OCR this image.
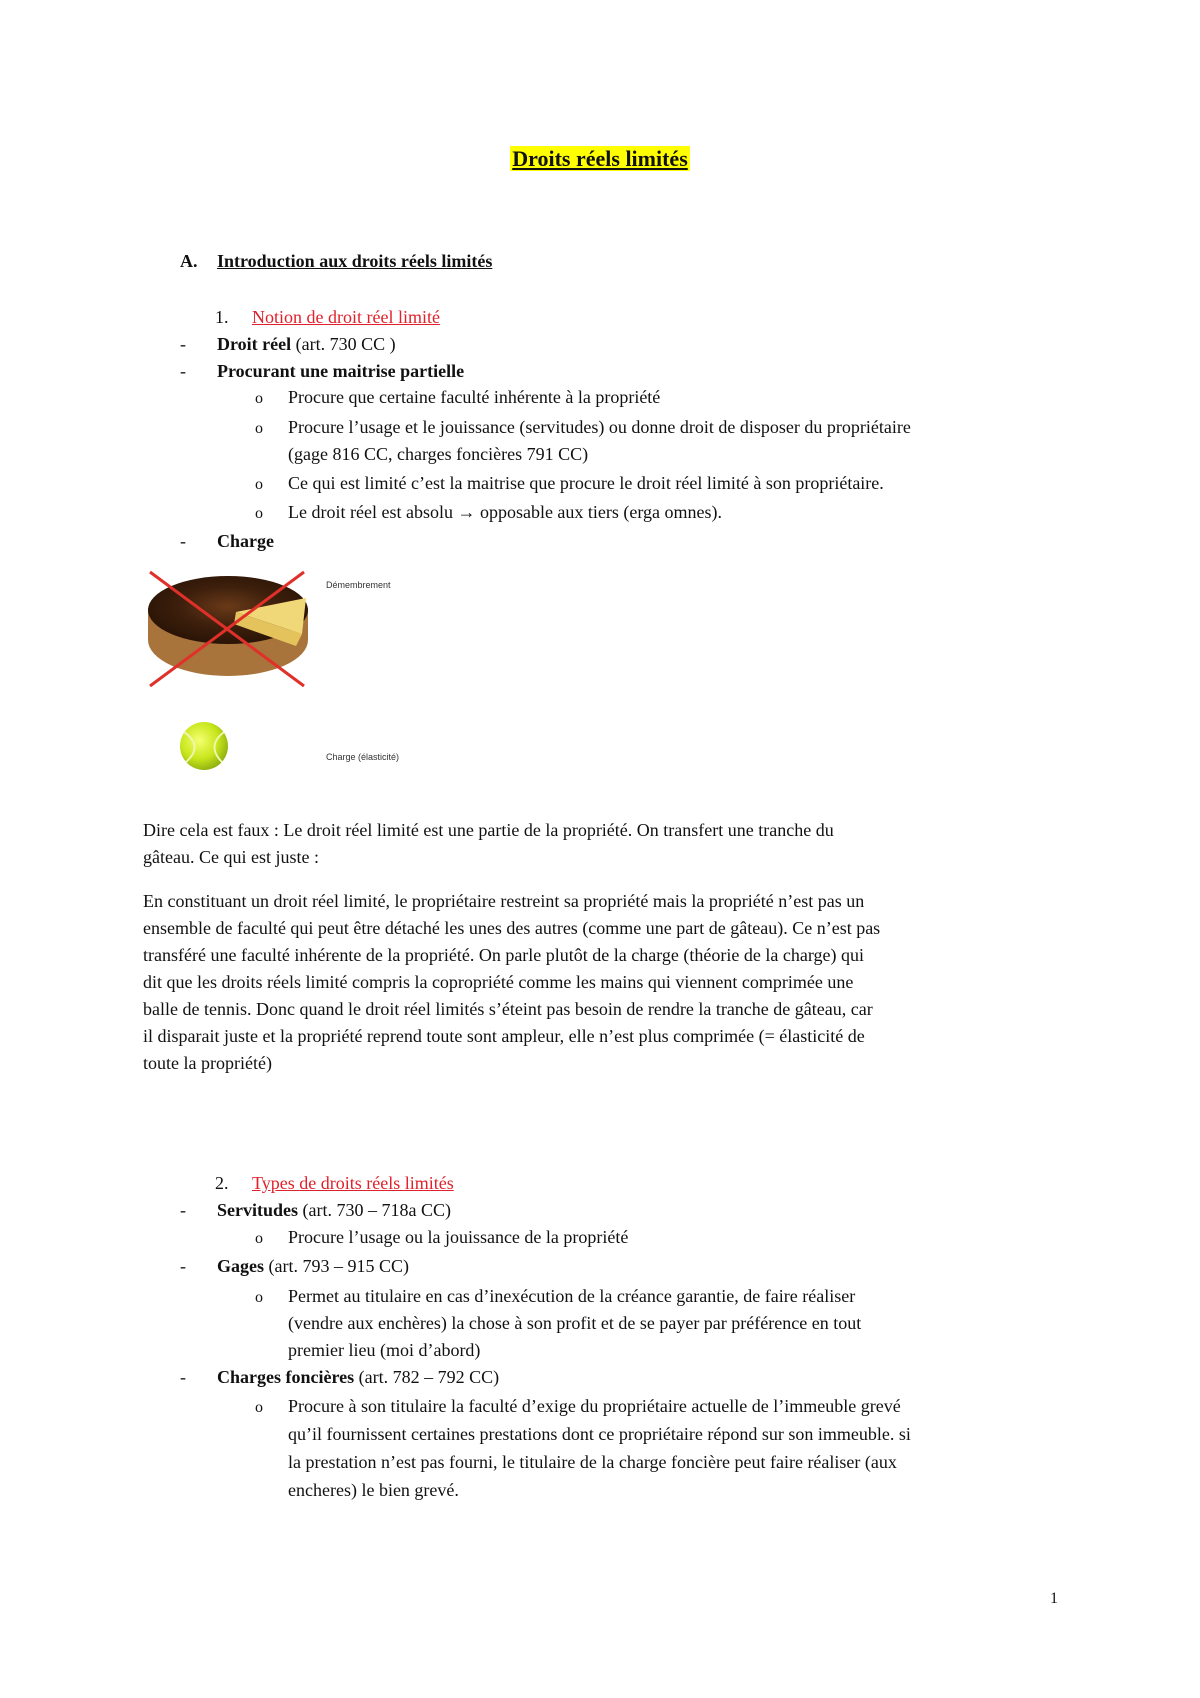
Droits réels limités
A. Introduction aux droits réels limités
1. Notion de droit réel limité
- Droit réel (art. 730 CC )
- Procurant une maitrise partielle
o Procure que certaine faculté inhérente à la propriété
o Procure l’usage et le jouissance (servitudes) ou donne droit de disposer du propriétaire
(gage 816 CC, charges foncières 791 CC)
o Ce qui est limité c’est la maitrise que procure le droit réel limité à son propriétaire.
o Le droit réel est absolu → opposable aux tiers (erga omnes).
- Charge
Démembrement
Charge (élasticité)
Dire cela est faux : Le droit réel limité est une partie de la propriété. On transfert une tranche du
gâteau. Ce qui est juste :
En constituant un droit réel limité, le propriétaire restreint sa propriété mais la propriété n’est pas un
ensemble de faculté qui peut être détaché les unes des autres (comme une part de gâteau). Ce n’est pas
transféré une faculté inhérente de la propriété. On parle plutôt de la charge (théorie de la charge) qui
dit que les droits réels limité compris la copropriété comme les mains qui viennent comprimée une
balle de tennis. Donc quand le droit réel limités s’éteint pas besoin de rendre la tranche de gâteau, car
il disparait juste et la propriété reprend toute sont ampleur, elle n’est plus comprimée (= élasticité de
toute la propriété)
2. Types de droits réels limités
- Servitudes (art. 730 – 718a CC)
o Procure l’usage ou la jouissance de la propriété
- Gages (art. 793 – 915 CC)
o Permet au titulaire en cas d’inexécution de la créance garantie, de faire réaliser
(vendre aux enchères) la chose à son profit et de se payer par préférence en tout
premier lieu (moi d’abord)
- Charges foncières (art. 782 – 792 CC)
o Procure à son titulaire la faculté d’exige du propriétaire actuelle de l’immeuble grevé
qu’il fournissent certaines prestations dont ce propriétaire répond sur son immeuble. si
la prestation n’est pas fourni, le titulaire de la charge foncière peut faire réaliser (aux
encheres) le bien grevé.
1
